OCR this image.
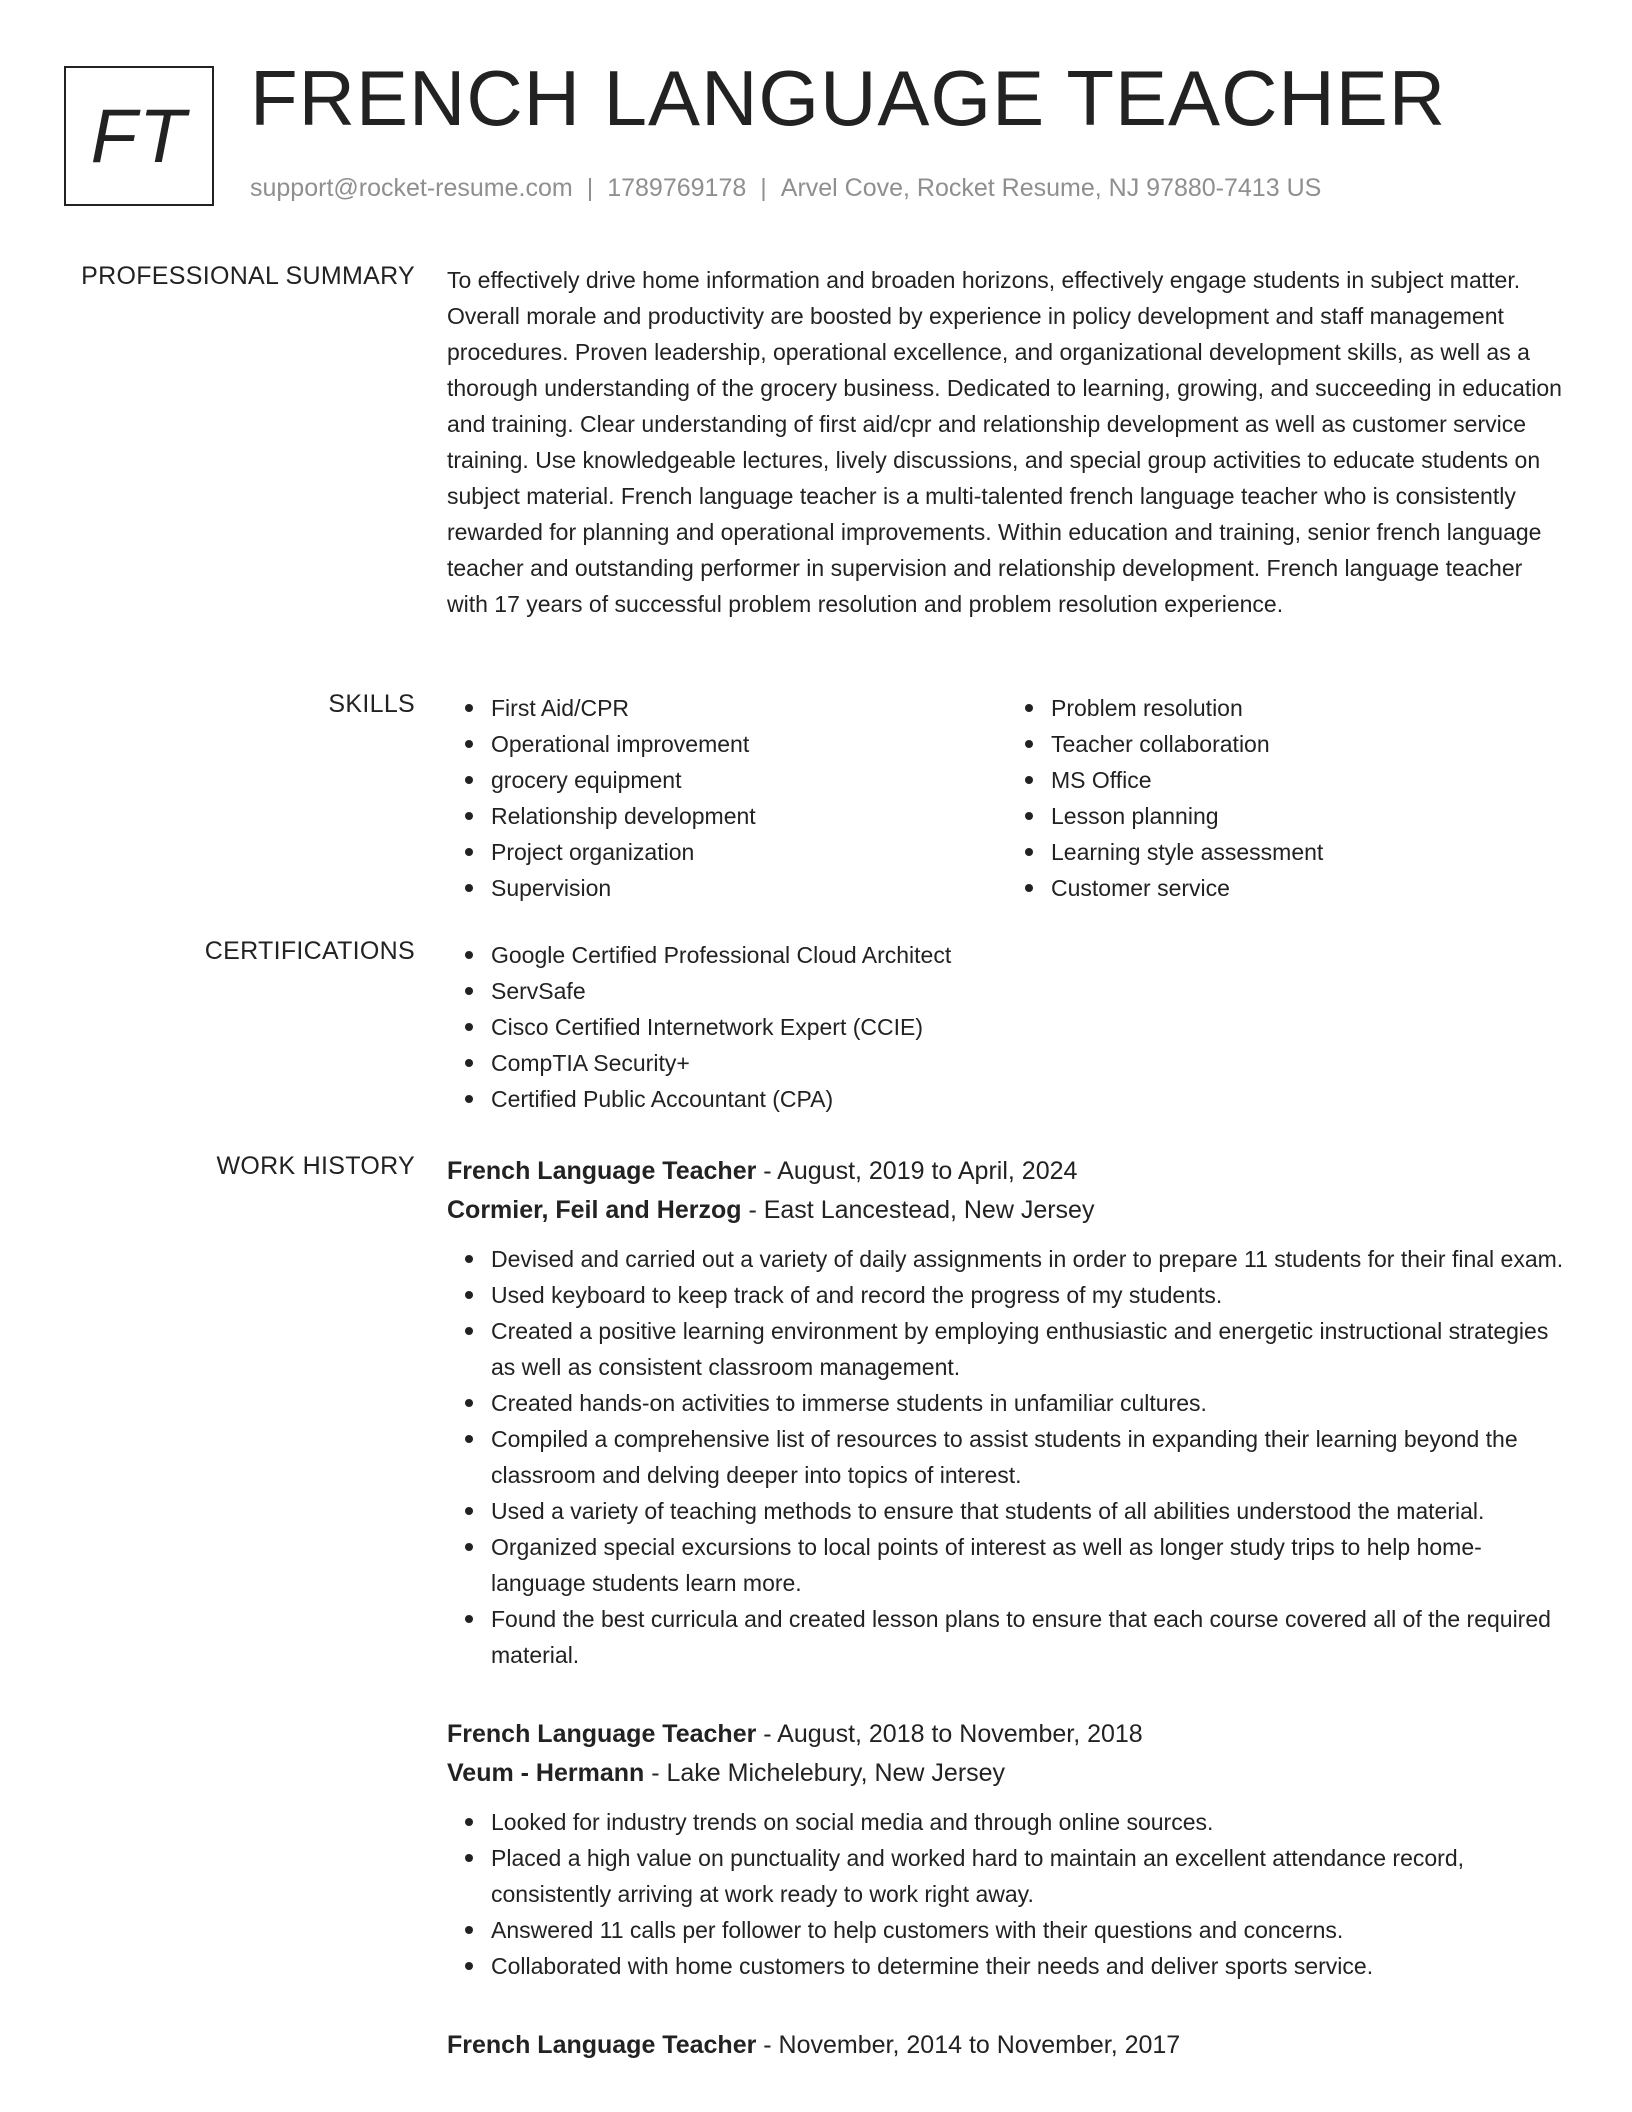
FT FRENCH LANGUAGE TEACHER
support@rocket-resume.com | 1789769178 | Arvel Cove, Rocket Resume, NJ 97880-7413 US
PROFESSIONAL SUMMARY To effectively drive home information and broaden horizons, effectively engage students in subject matter. Overall morale and productivity are boosted by experience in policy development and staff management procedures. Proven leadership, operational excellence, and organizational development skills, as well as a thorough understanding of the grocery business. Dedicated to learning, growing, and succeeding in education and training. Clear understanding of first aid/cpr and relationship development as well as customer service training. Use knowledgeable lectures, lively discussions, and special group activities to educate students on subject material. French language teacher is a multi-talented french language teacher who is consistently rewarded for planning and operational improvements. Within education and training, senior french language teacher and outstanding performer in supervision and relationship development. French language teacher with 17 years of successful problem resolution and problem resolution experience.

SKILLS	First Aid/CPR
Operational improvement
grocery equipment
Relationship development
Project organization
Supervision
Problem resolution
Teacher collaboration
MS Office
Lesson planning
Learning style assessment
Customer service
CERTIFICATIONS	Google Certified Professional Cloud Architect
ServSafe
Cisco Certified Internetwork Expert (CCIE)
CompTIA Security+
Certified Public Accountant (CPA)
WORK HISTORY French Language Teacher - August, 2019 to April, 2024
Cormier, Feil and Herzog - East Lancestead, New Jersey
Devised and carried out a variety of daily assignments in order to prepare 11 students for their final exam.
Used keyboard to keep track of and record the progress of my students.
Created a positive learning environment by employing enthusiastic and energetic instructional strategies as well as consistent classroom management.
Created hands-on activities to immerse students in unfamiliar cultures.
Compiled a comprehensive list of resources to assist students in expanding their learning beyond the classroom and delving deeper into topics of interest.
Used a variety of teaching methods to ensure that students of all abilities understood the material.
Organized special excursions to local points of interest as well as longer study trips to help home-language students learn more.
Found the best curricula and created lesson plans to ensure that each course covered all of the required material.
French Language Teacher - August, 2018 to November, 2018
Veum - Hermann - Lake Michelebury, New Jersey
Looked for industry trends on social media and through online sources.
Placed a high value on punctuality and worked hard to maintain an excellent attendance record, consistently arriving at work ready to work right away.
Answered 11 calls per follower to help customers with their questions and concerns.
Collaborated with home customers to determine their needs and deliver sports service.
French Language Teacher - November, 2014 to November, 2017
